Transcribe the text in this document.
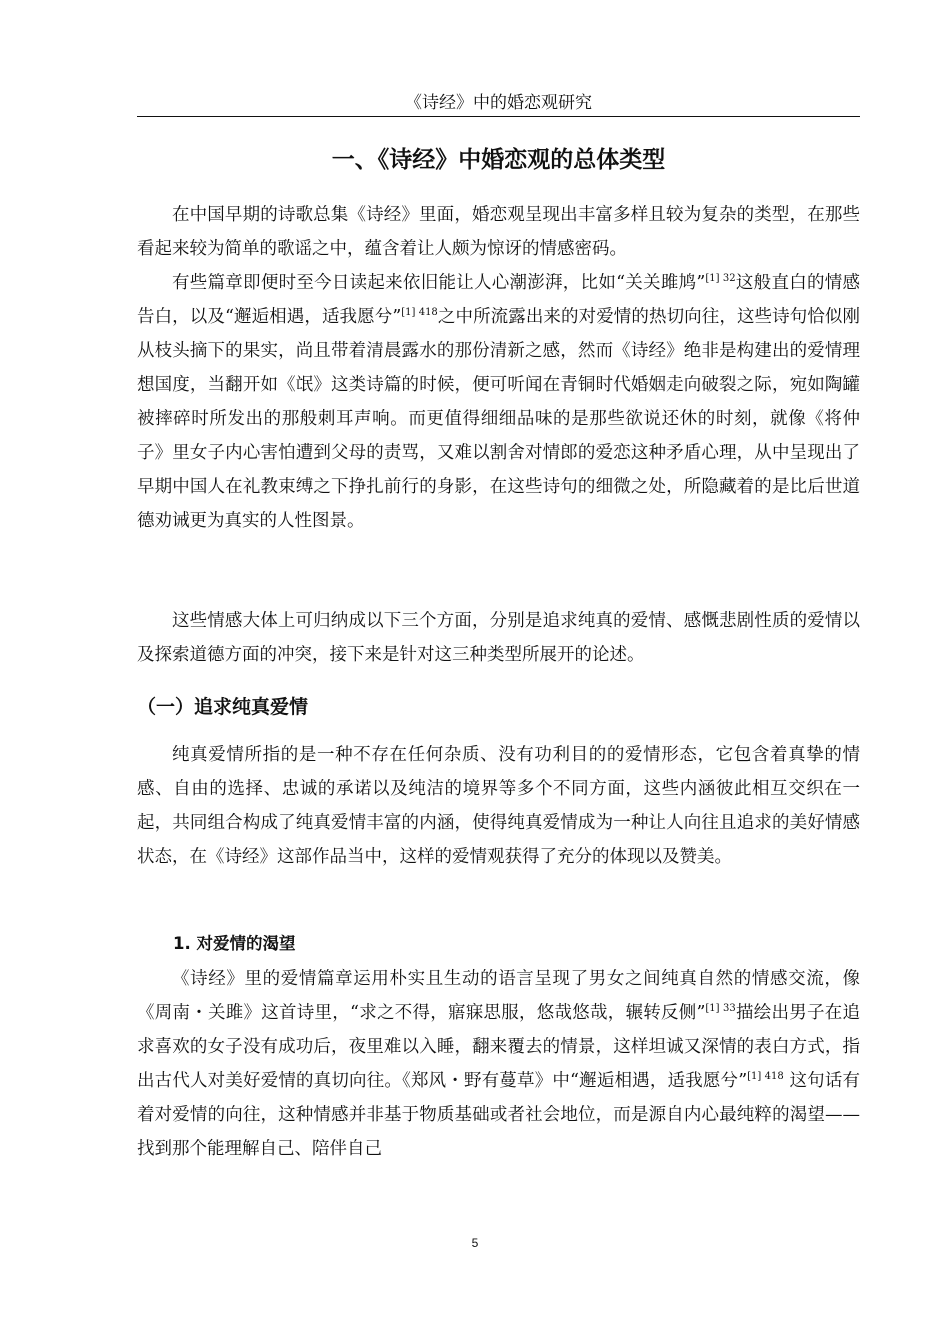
《诗经》中的婚恋观研究
一、《诗经》中婚恋观的总体类型

在中国早期的诗歌总集《诗经》里面，婚恋观呈现出丰富多样且较为复杂的类型，在那些看起来较为简单的歌谣之中，蕴含着让人颇为惊讶的情感密码。

有些篇章即便时至今日读起来依旧能让人心潮澎湃，比如“关关雎鸠”$^{[1] 32}$这般直白的情感告白，以及“邂逅相遇，适我愿兮”$^{[1] 418}$之中所流露出来的对爱情的热切向往，这些诗句恰似刚从枝头摘下的果实，尚且带着清晨露水的那份清新之感，然而《诗经》绝非是构建出的爱情理想国度，当翻开如《氓》这类诗篇的时候，便可听闻在青铜时代婚姻走向破裂之际，宛如陶罐被摔碎时所发出的那般刺耳声响。而更值得细细品味的是那些欲说还休的时刻，就像《将仲子》里女子内心害怕遭到父母的责骂，又难以割舍对情郎的爱恋这种矛盾心理，从中呈现出了早期中国人在礼教束缚之下挣扎前行的身影，在这些诗句的细微之处，所隐藏着的是比后世道德劝诫更为真实的人性图景。

这些情感大体上可归纳成以下三个方面，分别是追求纯真的爱情、感慨悲剧性质的爱情以及探索道德方面的冲突，接下来是针对这三种类型所展开的论述。

（一）追求纯真爱情

纯真爱情所指的是一种不存在任何杂质、没有功利目的的爱情形态，它包含着真挚的情感、自由的选择、忠诚的承诺以及纯洁的境界等多个不同方面，这些内涵彼此相互交织在一起，共同组合构成了纯真爱情丰富的内涵，使得纯真爱情成为一种让人向往且追求的美好情感状态，在《诗经》这部作品当中，这样的爱情观获得了充分的体现以及赞美。

1. 对爱情的渴望

《诗经》里的爱情篇章运用朴实且生动的语言呈现了男女之间纯真自然的情感交流，像《周南・关雎》这首诗里，“求之不得，寤寐思服，悠哉悠哉，辗转反侧”$^{[1] 33}$描绘出男子在追求喜欢的女子没有成功后，夜里难以入睡，翻来覆去的情景，这样坦诚又深情的表白方式，指出古代人对美好爱情的真切向往。《郑风・野有蔓草》中“邂逅相遇，适我愿兮”$^{[1] 418}$ 这句话有着对爱情的向往，这种情感并非基于物质基础或者社会地位，而是源自内心最纯粹的渴望——找到那个能理解自己、陪伴自己

5
